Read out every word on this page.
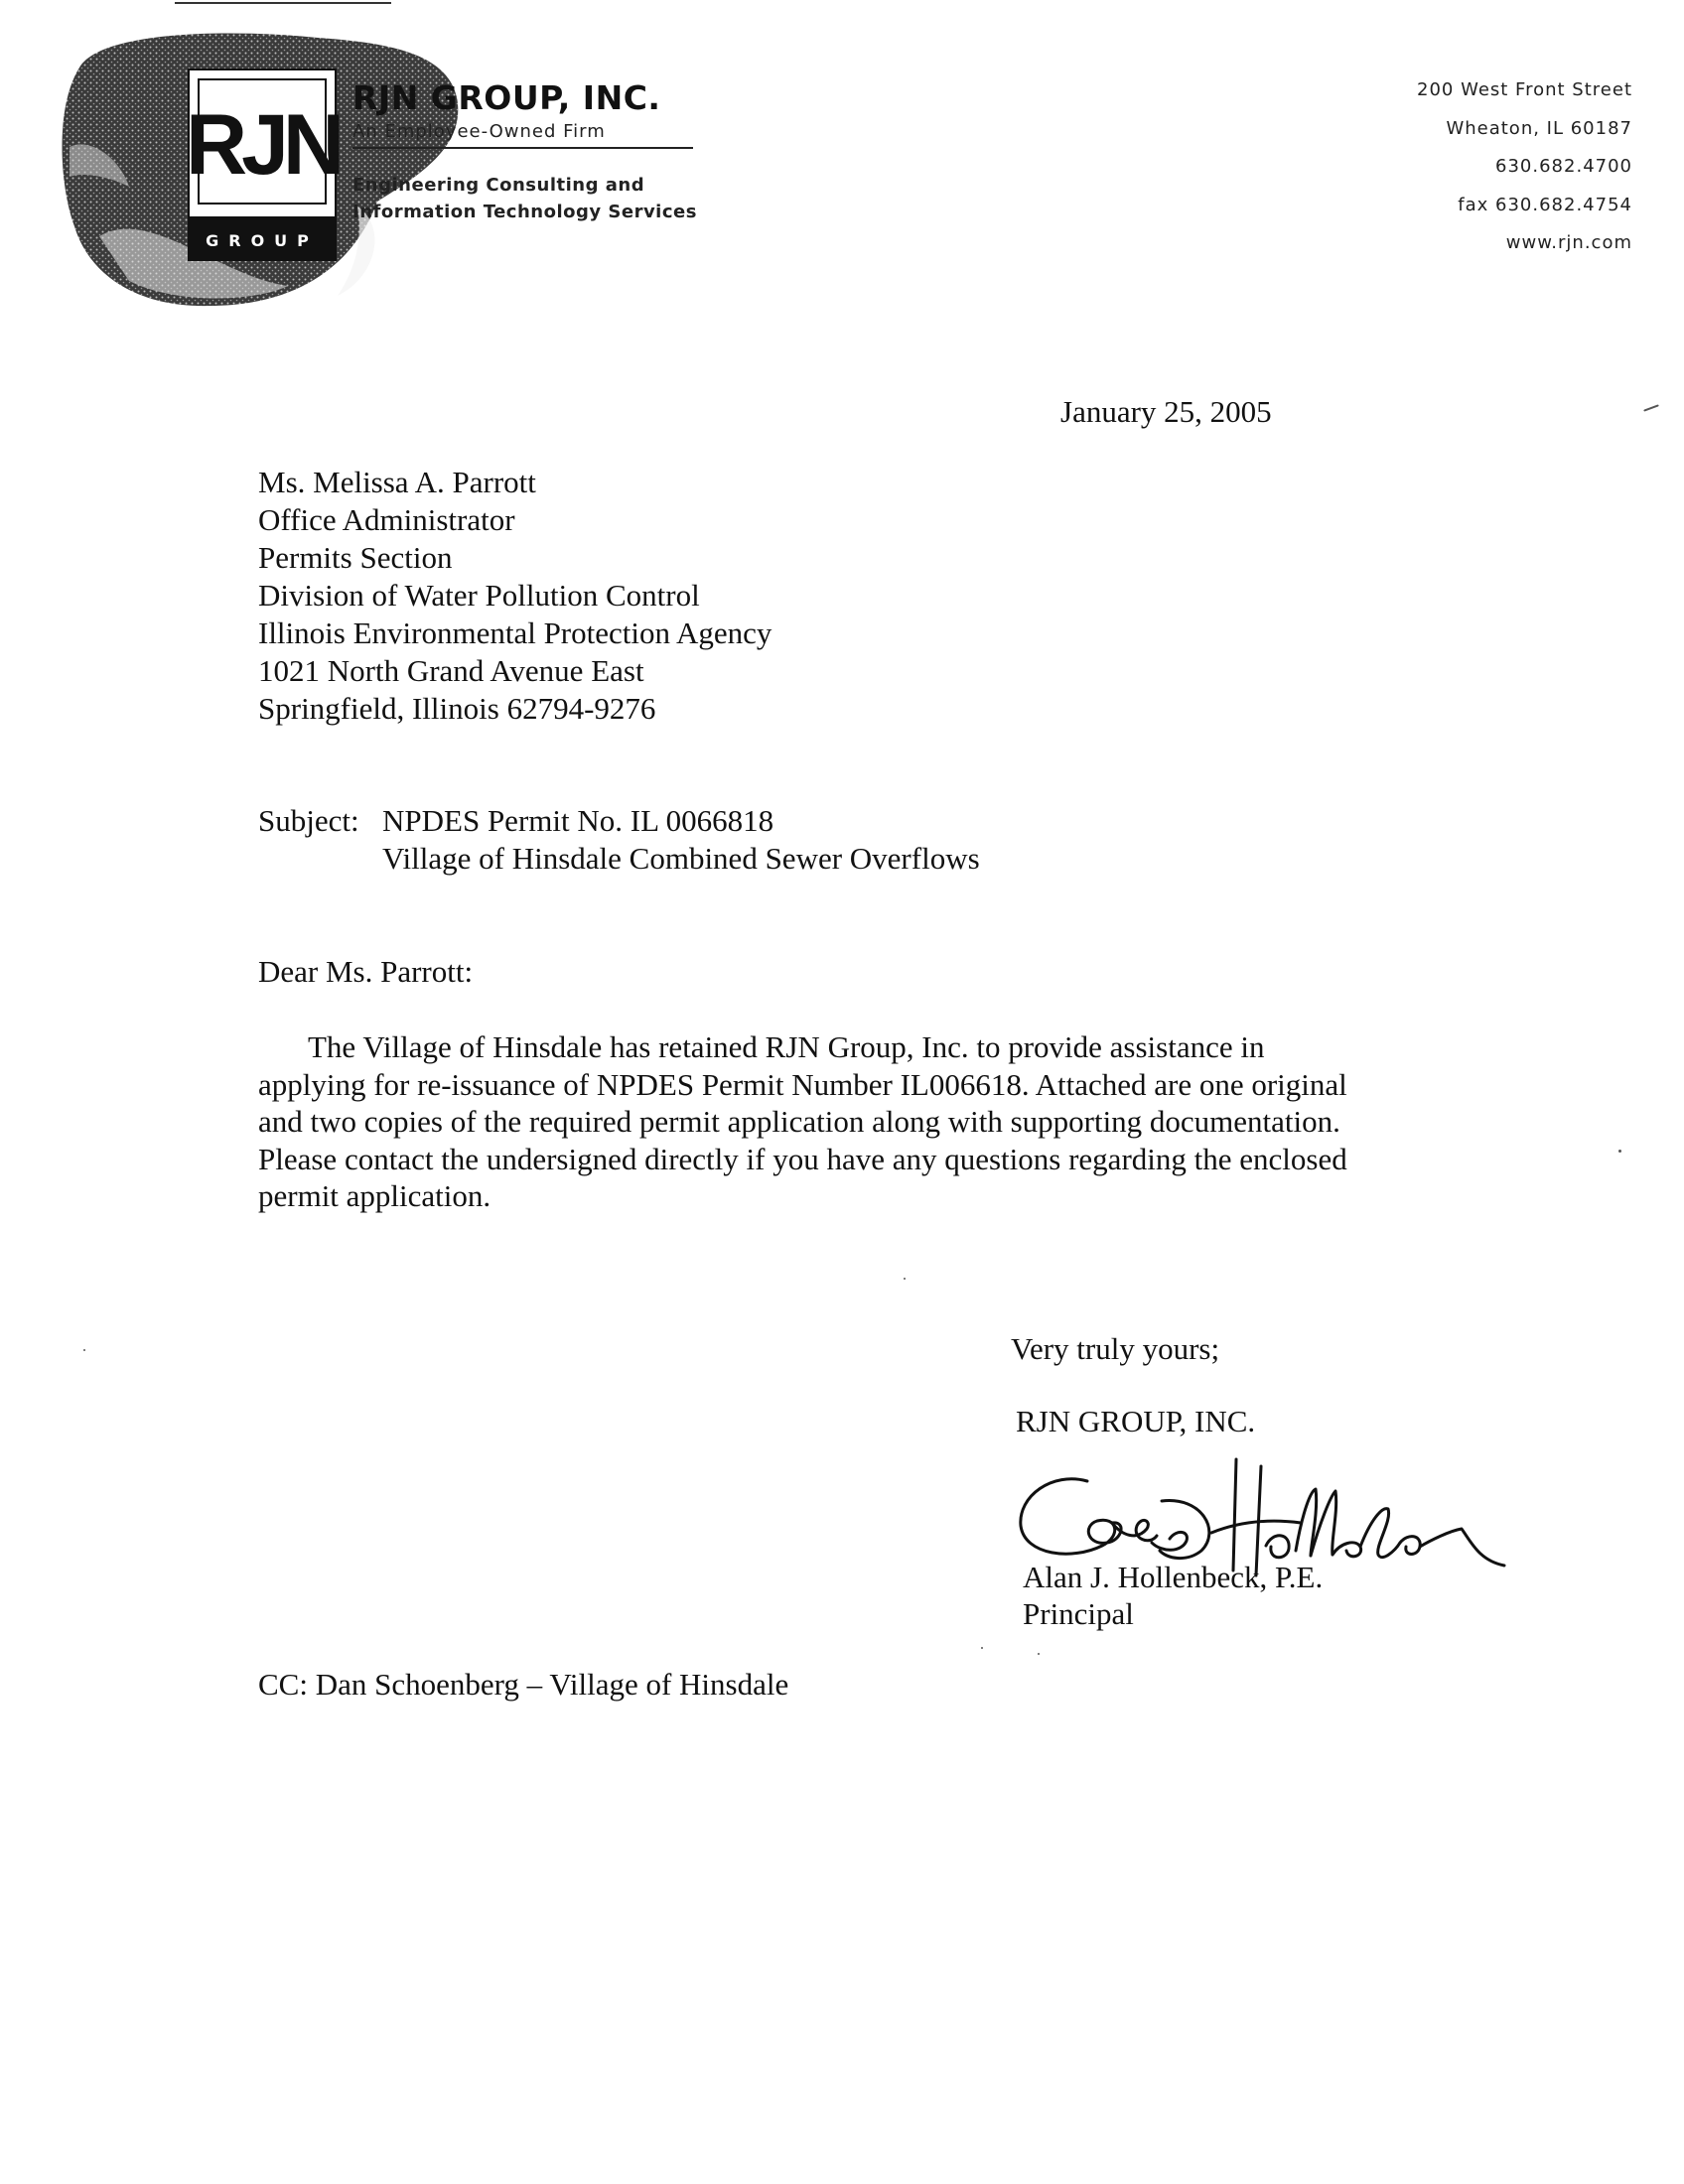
RJN
GROUP
RJN GROUP, INC.
An Employee-Owned Firm
Engineering Consulting and
Information Technology Services
200 West Front Street
Wheaton, IL 60187
630.682.4700
fax 630.682.4754
www.rjn.com
January 25, 2005
Ms. Melissa A. Parrott
Office Administrator
Permits Section
Division of Water Pollution Control
Illinois Environmental Protection Agency
1021 North Grand Avenue East
Springfield, Illinois 62794-9276
Subject: NPDES Permit No. IL 0066818
Village of Hinsdale Combined Sewer Overflows
Dear Ms. Parrott:
The Village of Hinsdale has retained RJN Group, Inc. to provide assistance in
applying for re-issuance of NPDES Permit Number IL006618. Attached are one original
and two copies of the required permit application along with supporting documentation.
Please contact the undersigned directly if you have any questions regarding the enclosed
permit application.
Very truly yours;
RJN GROUP, INC.
Alan J. Hollenbeck, P.E.
Principal
CC: Dan Schoenberg – Village of Hinsdale
